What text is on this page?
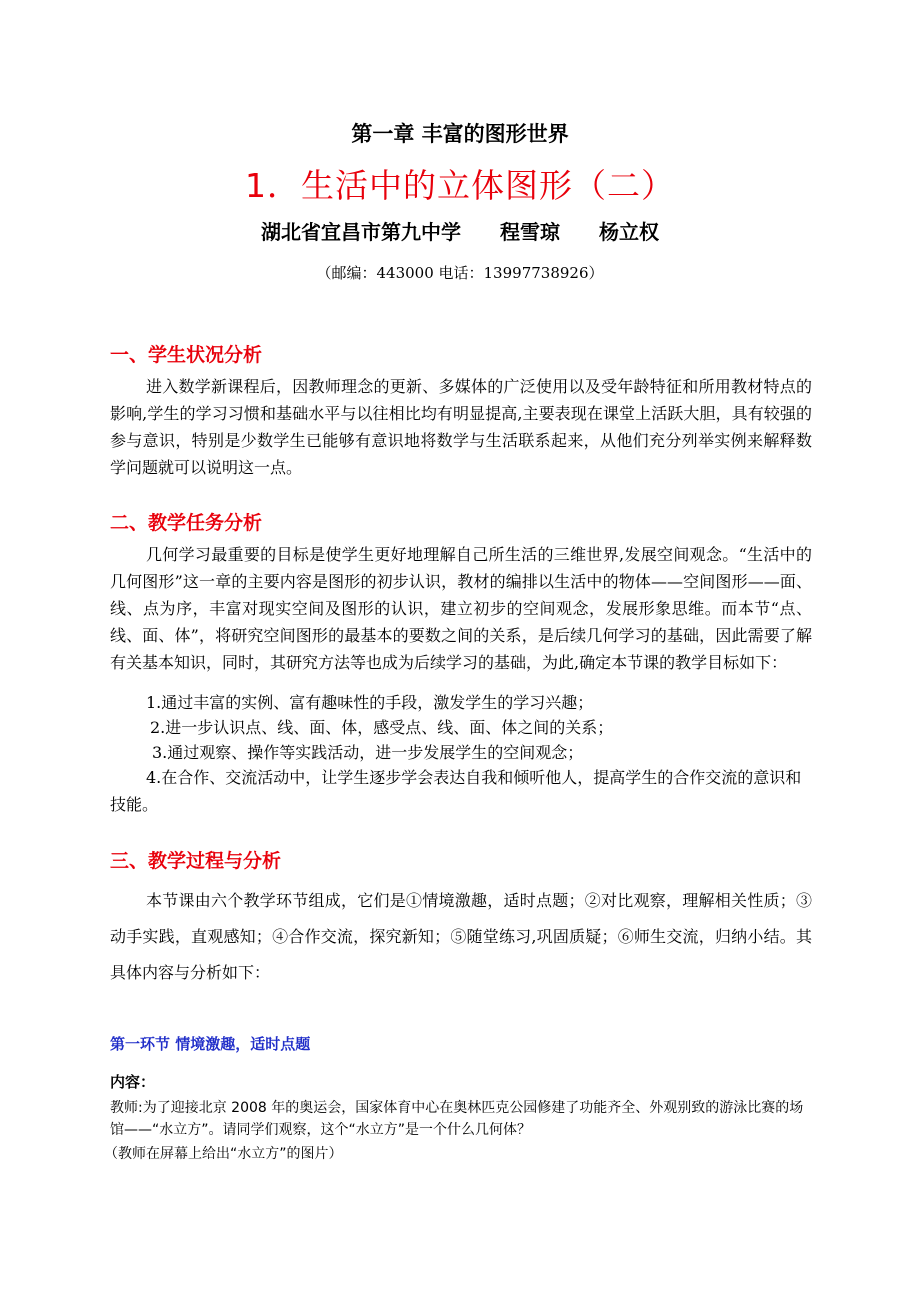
第一章 丰富的图形世界
1．生活中的立体图形（二）
湖北省宜昌市第九中学 程雪琼 杨立权
（邮编：443000 电话：13997738926）
一、学生状况分析
进入数学新课程后，因教师理念的更新、多媒体的广泛使用以及受年龄特征和所用教材特点的影响,学生的学习习惯和基础水平与以往相比均有明显提高,主要表现在课堂上活跃大胆，具有较强的参与意识，特别是少数学生已能够有意识地将数学与生活联系起来，从他们充分列举实例来解释数学问题就可以说明这一点。
二、教学任务分析
几何学习最重要的目标是使学生更好地理解自己所生活的三维世界,发展空间观念。“生活中的几何图形”这一章的主要内容是图形的初步认识，教材的编排以生活中的物体——空间图形——面、线、点为序，丰富对现实空间及图形的认识，建立初步的空间观念，发展形象思维。而本节“点、线、面、体”，将研究空间图形的最基本的要数之间的关系，是后续几何学习的基础，因此需要了解有关基本知识，同时，其研究方法等也成为后续学习的基础，为此,确定本节课的教学目标如下：
1.通过丰富的实例、富有趣味性的手段，激发学生的学习兴趣；
2.进一步认识点、线、面、体，感受点、线、面、体之间的关系；
3.通过观察、操作等实践活动，进一步发展学生的空间观念；
4.在合作、交流活动中，让学生逐步学会表达自我和倾听他人，提高学生的合作交流的意识和技能。
三、教学过程与分析
本节课由六个教学环节组成，它们是①情境激趣，适时点题；②对比观察，理解相关性质；③动手实践，直观感知；④合作交流，探究新知；⑤随堂练习,巩固质疑；⑥师生交流，归纳小结。其具体内容与分析如下：
第一环节 情境激趣，适时点题
内容：
教师:为了迎接北京 2008 年的奥运会，国家体育中心在奥林匹克公园修建了功能齐全、外观别致的游泳比赛的场馆——“水立方”。请同学们观察，这个“水立方”是一个什么几何体？
（教师在屏幕上给出“水立方”的图片）
